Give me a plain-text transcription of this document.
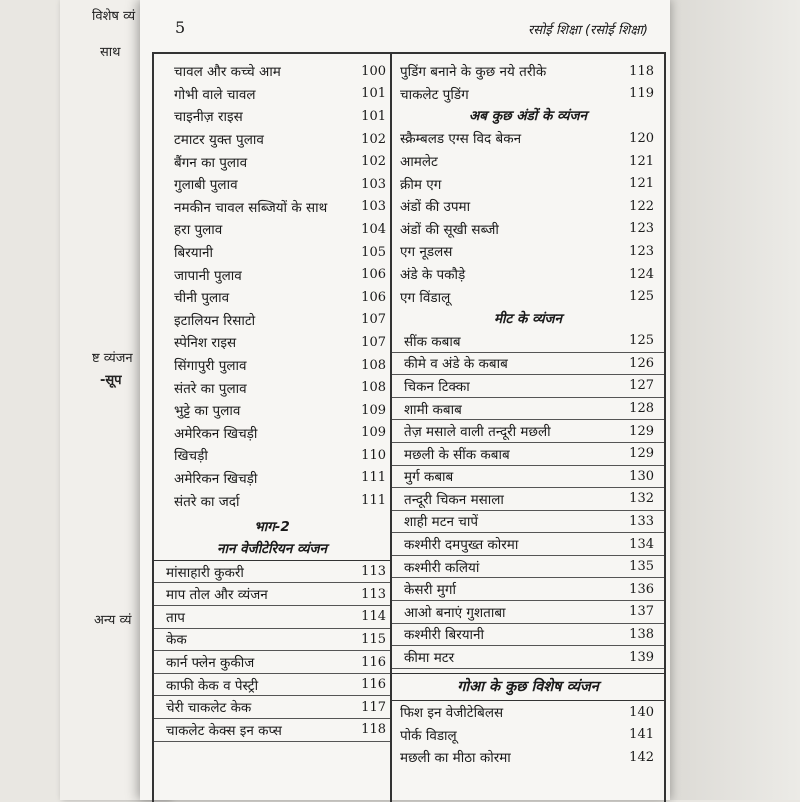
विशेष व्यं
साथ
ष्ट व्यंजन
-सूप
अन्य व्यं
5	रसोई शिक्षा (रसोई शिक्षा)
चावल और कच्चे आम	100
गोभी वाले चावल	101
चाइनीज़ राइस	101
टमाटर युक्त पुलाव	102
बैंगन का पुलाव	102
गुलाबी पुलाव	103
नमकीन चावल सब्जियों के साथ	103
हरा पुलाव	104
बिरयानी	105
जापानी पुलाव	106
चीनी पुलाव	106
इटालियन रिसाटो	107
स्पेनिश राइस	107
सिंगापुरी पुलाव	108
संतरे का पुलाव	108
भुट्टे का पुलाव	109
अमेरिकन खिचड़ी	109
खिचड़ी	110
अमेरिकन खिचड़ी	111
संतरे का जर्दा	111
भाग-2
नान वेजीटेरियन व्यंजन
मांसाहारी कुकरी	113
माप तोल और व्यंजन	113
ताप	114
केक	115
कार्न फ्लेन कुकीज	116
काफी केक व पेस्ट्री	116
चेरी चाकलेट केक	117
चाकलेट केक्स इन कप्स	118
पुडिंग बनाने के कुछ नये तरीके	118
चाकलेट पुडिंग	119
अब कुछ अंडों के व्यंजन
स्क्रैम्बलड एग्स विद बेकन	120
आमलेट	121
क्रीम एग	121
अंडों की उपमा	122
अंडों की सूखी सब्जी	123
एग नूडलस	123
अंडे के पकौड़े	124
एग विंडालू	125
मीट के व्यंजन
सींक कबाब	125
कीमे व अंडे के कबाब	126
चिकन टिक्का	127
शामी कबाब	128
तेज़ मसाले वाली तन्दूरी मछली	129
मछली के सींक कबाब	129
मुर्ग कबाब	130
तन्दूरी चिकन मसाला	132
शाही मटन चापें	133
कश्मीरी दमपुख्त कोरमा	134
कश्मीरी कलियां	135
केसरी मुर्गा	136
आओ बनाएं गुशताबा	137
कश्मीरी बिरयानी	138
कीमा मटर	139
गोआ के कुछ विशेष व्यंजन
फिश इन वेजीटेबिलस	140
पोर्क विडालू	141
मछली का मीठा कोरमा	142
